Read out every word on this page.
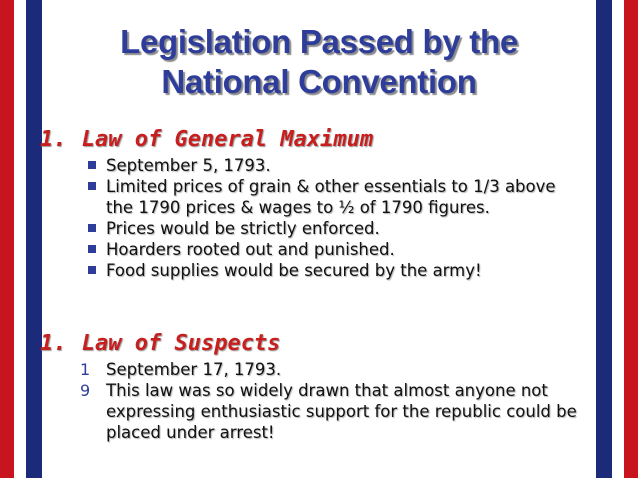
Legislation Passed by the
National Convention
1. Law of General Maximum
September 5, 1793.
Limited prices of grain & other essentials to 1/3 above the 1790 prices & wages to ½ of 1790 figures.
Prices would be strictly enforced.
Hoarders rooted out and punished.
Food supplies would be secured by the army!
1. Law of Suspects
1 September 17, 1793.
9 This law was so widely drawn that almost anyone not expressing enthusiastic support for the republic could be placed under arrest!
